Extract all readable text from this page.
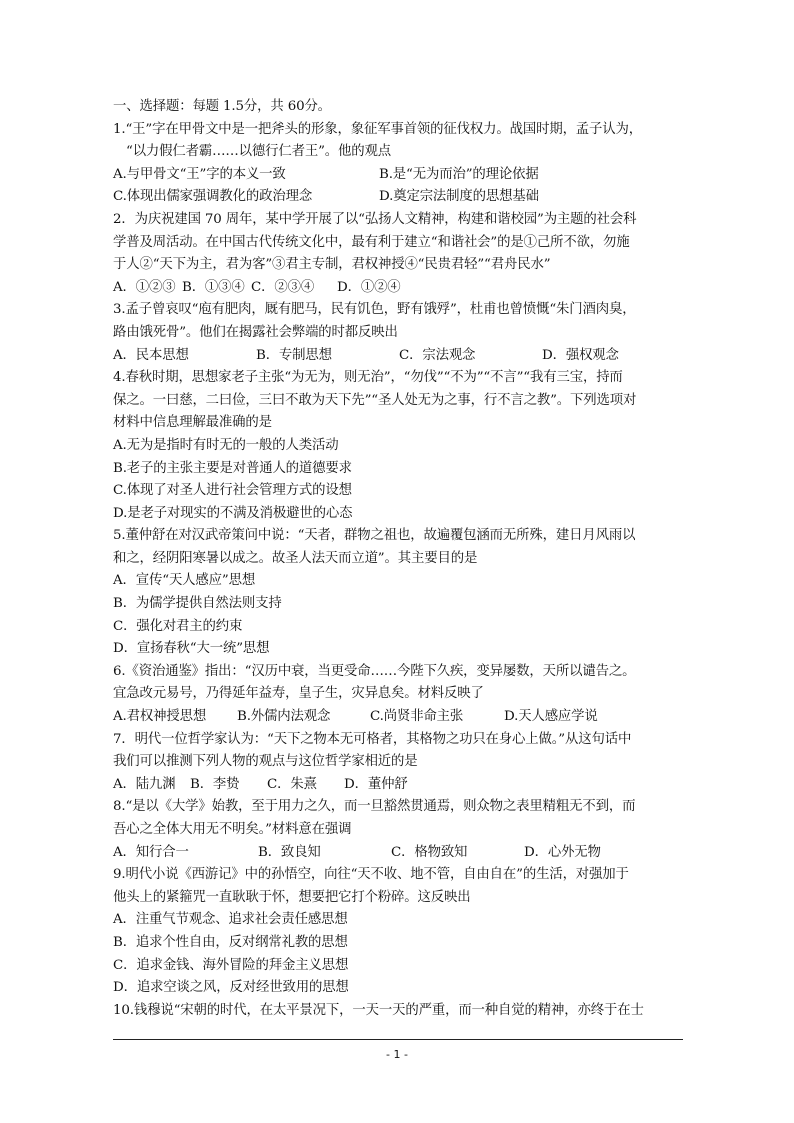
一、选择题：每题 1.5分，共 60分。
1.“王”字在甲骨文中是一把斧头的形象，象征军事首领的征伐权力。战国时期，孟子认为，
“以力假仁者霸……以德行仁者王”。他的观点
A.与甲骨文“王”字的本义一致	B.是“无为而治”的理论依据
C.体现出儒家强调教化的政治理念	D.奠定宗法制度的思想基础
2．为庆祝建国 70 周年，某中学开展了以“弘扬人文精神，构建和谐校园”为主题的社会科
学普及周活动。在中国古代传统文化中，最有利于建立“和谐社会”的是①己所不欲，勿施
于人②“天下为主，君为客”③君主专制，君权神授④“民贵君轻”“君舟民水”
A．①②③ B．①③④ C．②③④	D．①②④
3.孟子曾哀叹“庖有肥肉，厩有肥马，民有饥色，野有饿殍”，杜甫也曾愤慨“朱门酒肉臭，
路由饿死骨”。他们在揭露社会弊端的时都反映出
A．民本思想	B．专制思想	C．宗法观念	D．强权观念
4.春秋时期，思想家老子主张“为无为，则无治”，“勿伐”“不为”“不言”“我有三宝，持而
保之。一曰慈，二曰俭，三曰不敢为天下先”“圣人处无为之事，行不言之教”。下列选项对
材料中信息理解最准确的是
A.无为是指时有时无的一般的人类活动
B.老子的主张主要是对普通人的道德要求
C.体现了对圣人进行社会管理方式的设想
D.是老子对现实的不满及消极避世的心态
5.董仲舒在对汉武帝策问中说：“天者，群物之祖也，故遍覆包涵而无所殊，建日月风雨以
和之，经阴阳寒暑以成之。故圣人法天而立道”。其主要目的是
A．宣传“天人感应”思想
B．为儒学提供自然法则支持
C．强化对君主的约束
D．宣扬春秋“大一统”思想
6.《资治通鉴》指出：“汉历中衰，当更受命……今陛下久疾，变异屡数，天所以谴告之。
宜急改元易号，乃得延年益寿，皇子生，灾异息矣。材料反映了
A.君权神授思想	B.外儒内法观念	C.尚贤非命主张	D.天人感应学说
7．明代一位哲学家认为：“天下之物本无可格者，其格物之功只在身心上做。”从这句话中
我们可以推测下列人物的观点与这位哲学家相近的是
A．陆九渊	B．李贽	C．朱熹	D．董仲舒
8.“是以《大学》始教，至于用力之久，而一旦豁然贯通焉，则众物之表里精粗无不到，而
吾心之全体大用无不明矣。”材料意在强调
A．知行合一	B．致良知	C．格物致知	D．心外无物
9.明代小说《西游记》中的孙悟空，向往“天不收、地不管，自由自在”的生活，对强加于
他头上的紧箍咒一直耿耿于怀，想要把它打个粉碎。这反映出
A．注重气节观念、追求社会责任感思想
B．追求个性自由，反对纲常礼教的思想
C．追求金钱、海外冒险的拜金主义思想
D．追求空谈之风，反对经世致用的思想
10.钱穆说“宋朝的时代，在太平景况下，一天一天的严重，而一种自觉的精神，亦终于在士
- 1 -
